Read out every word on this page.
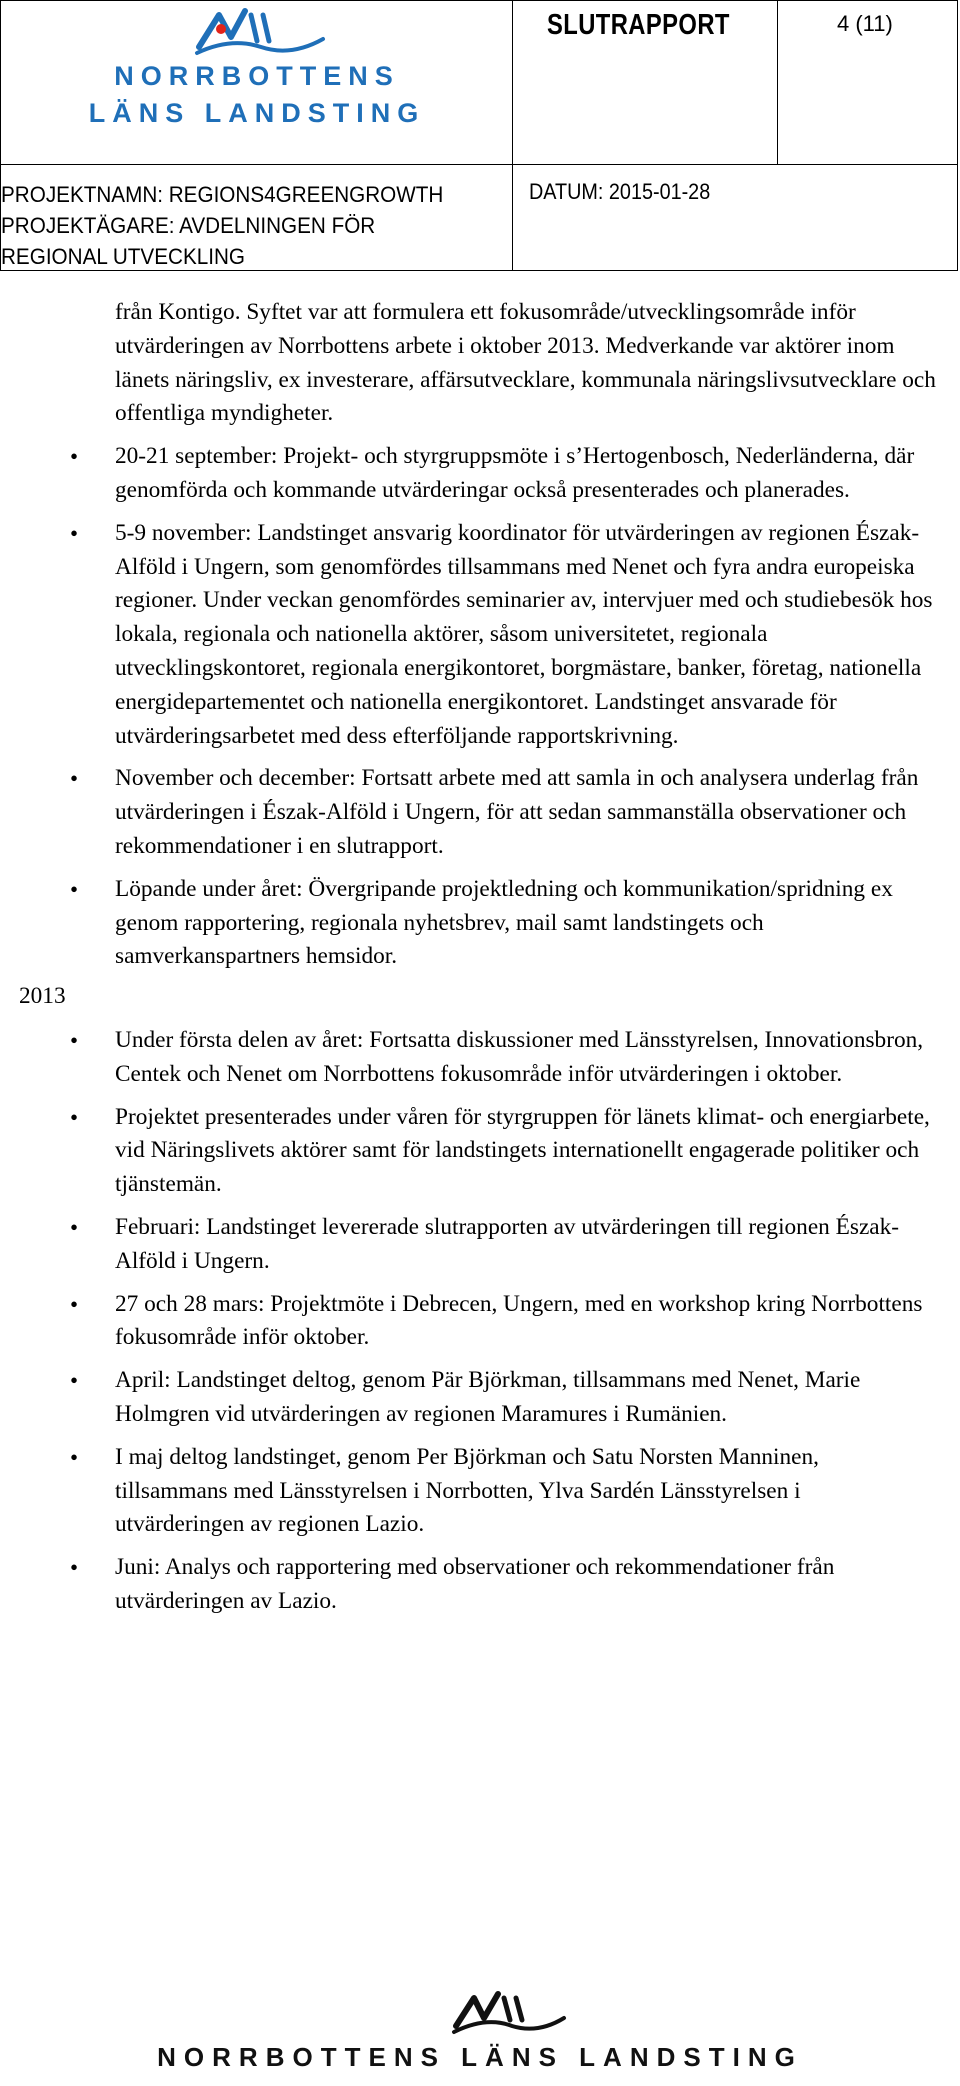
NORRBOTTENS
LÄNS LANDSTING
SLUTRAPPORT	4 (11)
PROJEKTNAMN: REGIONS4GREENGROWTH
PROJEKTÄGARE: AVDELNINGEN FÖR
REGIONAL UTVECKLING
DATUM: 2015-01-28
från Kontigo. Syftet var att formulera ett fokusområde/utvecklingsområde inför utvärderingen av Norrbottens arbete i oktober 2013. Medverkande var aktörer inom länets näringsliv, ex investerare, affärsutvecklare, kommunala näringslivsutvecklare och offentliga myndigheter.
• 20-21 september: Projekt- och styrgruppsmöte i s’Hertogenbosch, Nederländerna, där genomförda och kommande utvärderingar också presenterades och planerades.
• 5-9 november: Landstinget ansvarig koordinator för utvärderingen av regionen Észak-Alföld i Ungern, som genomfördes tillsammans med Nenet och fyra andra europeiska regioner. Under veckan genomfördes seminarier av, intervjuer med och studiebesök hos lokala, regionala och nationella aktörer, såsom universitetet, regionala utvecklingskontoret, regionala energikontoret, borgmästare, banker, företag, nationella energidepartementet och nationella energikontoret. Landstinget ansvarade för utvärderingsarbetet med dess efterföljande rapportskrivning.
• November och december: Fortsatt arbete med att samla in och analysera underlag från utvärderingen i Észak-Alföld i Ungern, för att sedan sammanställa observationer och rekommendationer i en slutrapport.
• Löpande under året: Övergripande projektledning och kommunikation/spridning ex genom rapportering, regionala nyhetsbrev, mail samt landstingets och samverkanspartners hemsidor.
2013
• Under första delen av året: Fortsatta diskussioner med Länsstyrelsen, Innovationsbron, Centek och Nenet om Norrbottens fokusområde inför utvärderingen i oktober.
• Projektet presenterades under våren för styrgruppen för länets klimat- och energiarbete, vid Näringslivets aktörer samt för landstingets internationellt engagerade politiker och tjänstemän.
• Februari: Landstinget levererade slutrapporten av utvärderingen till regionen Észak-Alföld i Ungern.
• 27 och 28 mars: Projektmöte i Debrecen, Ungern, med en workshop kring Norrbottens fokusområde inför oktober.
• April: Landstinget deltog, genom Pär Björkman, tillsammans med Nenet, Marie Holmgren vid utvärderingen av regionen Maramures i Rumänien.
• I maj deltog landstinget, genom Per Björkman och Satu Norsten Manninen, tillsammans med Länsstyrelsen i Norrbotten, Ylva Sardén Länsstyrelsen i utvärderingen av regionen Lazio.
• Juni: Analys och rapportering med observationer och rekommendationer från utvärderingen av Lazio.
NORRBOTTENS LÄNS LANDSTING
